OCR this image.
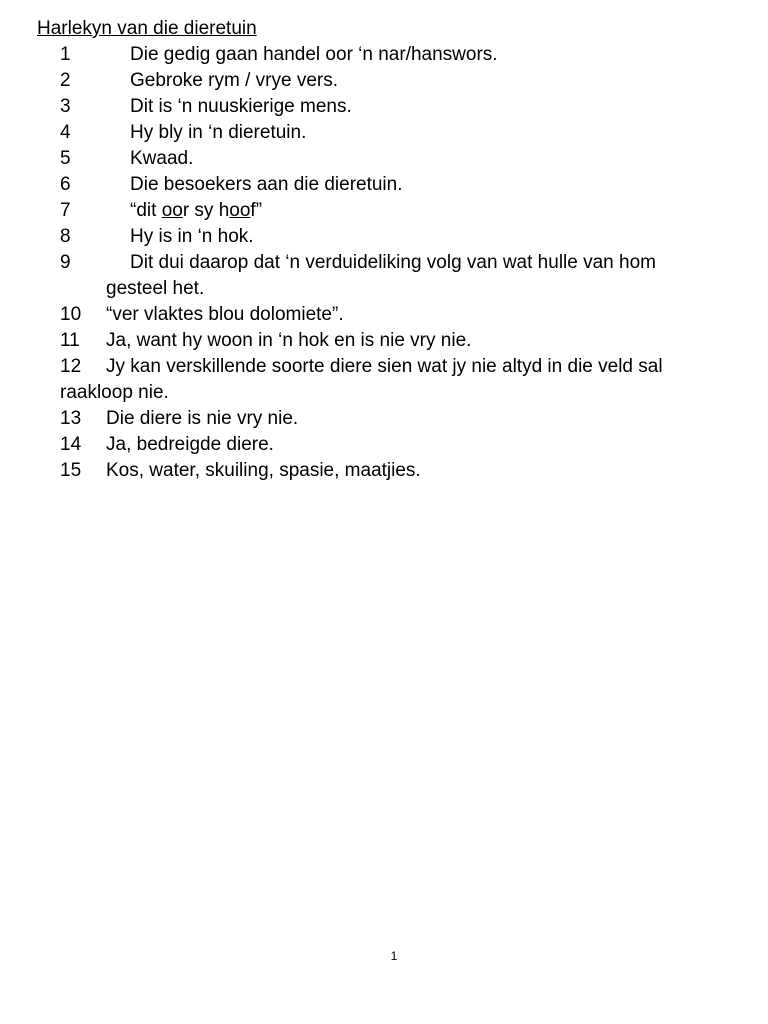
Harlekyn van die dieretuin
1	Die gedig gaan handel oor ‘n nar/hanswors.
2	Gebroke rym / vrye vers.
3	Dit is ‘n nuuskierige mens.
4	Hy bly in ‘n dieretuin.
5	Kwaad.
6	Die besoekers aan die dieretuin.
7	“dit oor sy hoof”
8	Hy is in ‘n hok.
9	Dit dui daarop dat ‘n verduideliking volg van wat hulle van hom
gesteel het.
10 “ver vlaktes blou dolomiete”.
11 Ja, want hy woon in ‘n hok en is nie vry nie.
12 Jy kan verskillende soorte diere sien wat jy nie altyd in die veld sal
raakloop nie.
13 Die diere is nie vry nie.
14 Ja, bedreigde diere.
15 Kos, water, skuiling, spasie, maatjies.
1
